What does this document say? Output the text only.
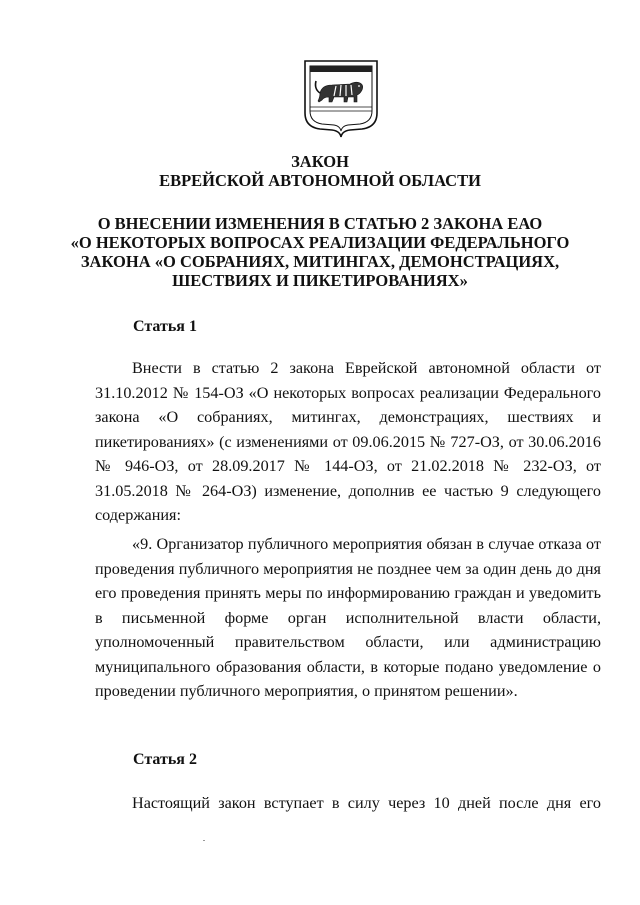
ЗАКОН
ЕВРЕЙСКОЙ АВТОНОМНОЙ ОБЛАСТИ
О ВНЕСЕНИИ ИЗМЕНЕНИЯ В СТАТЬЮ 2 ЗАКОНА ЕАО
«О НЕКОТОРЫХ ВОПРОСАХ РЕАЛИЗАЦИИ ФЕДЕРАЛЬНОГО
ЗАКОНА «О СОБРАНИЯХ, МИТИНГАХ, ДЕМОНСТРАЦИЯХ,
ШЕСТВИЯХ И ПИКЕТИРОВАНИЯХ»
Статья 1

Внести в статью 2 закона Еврейской автономной области от 31.10.2012 № 154-ОЗ «О некоторых вопросах реализации Федерального закона «О собраниях, митингах, демонстрациях, шествиях и пикетированиях» (с изменениями от 09.06.2015 № 727-ОЗ, от 30.06.2016 № 946-ОЗ, от 28.09.2017 № 144-ОЗ, от 21.02.2018 № 232-ОЗ, от 31.05.2018 № 264-ОЗ) изменение, дополнив ее частью 9 следующего содержания:

«9. Организатор публичного мероприятия обязан в случае отказа от проведения публичного мероприятия не позднее чем за один день до дня его проведения принять меры по информированию граждан и уведомить в письменной форме орган исполнительной власти области, уполномоченный правительством области, или администрацию муниципального образования области, в которые подано уведомление о проведении публичного мероприятия, о принятом решении».

Статья 2

Настоящий закон вступает в силу через 10 дней после дня его
